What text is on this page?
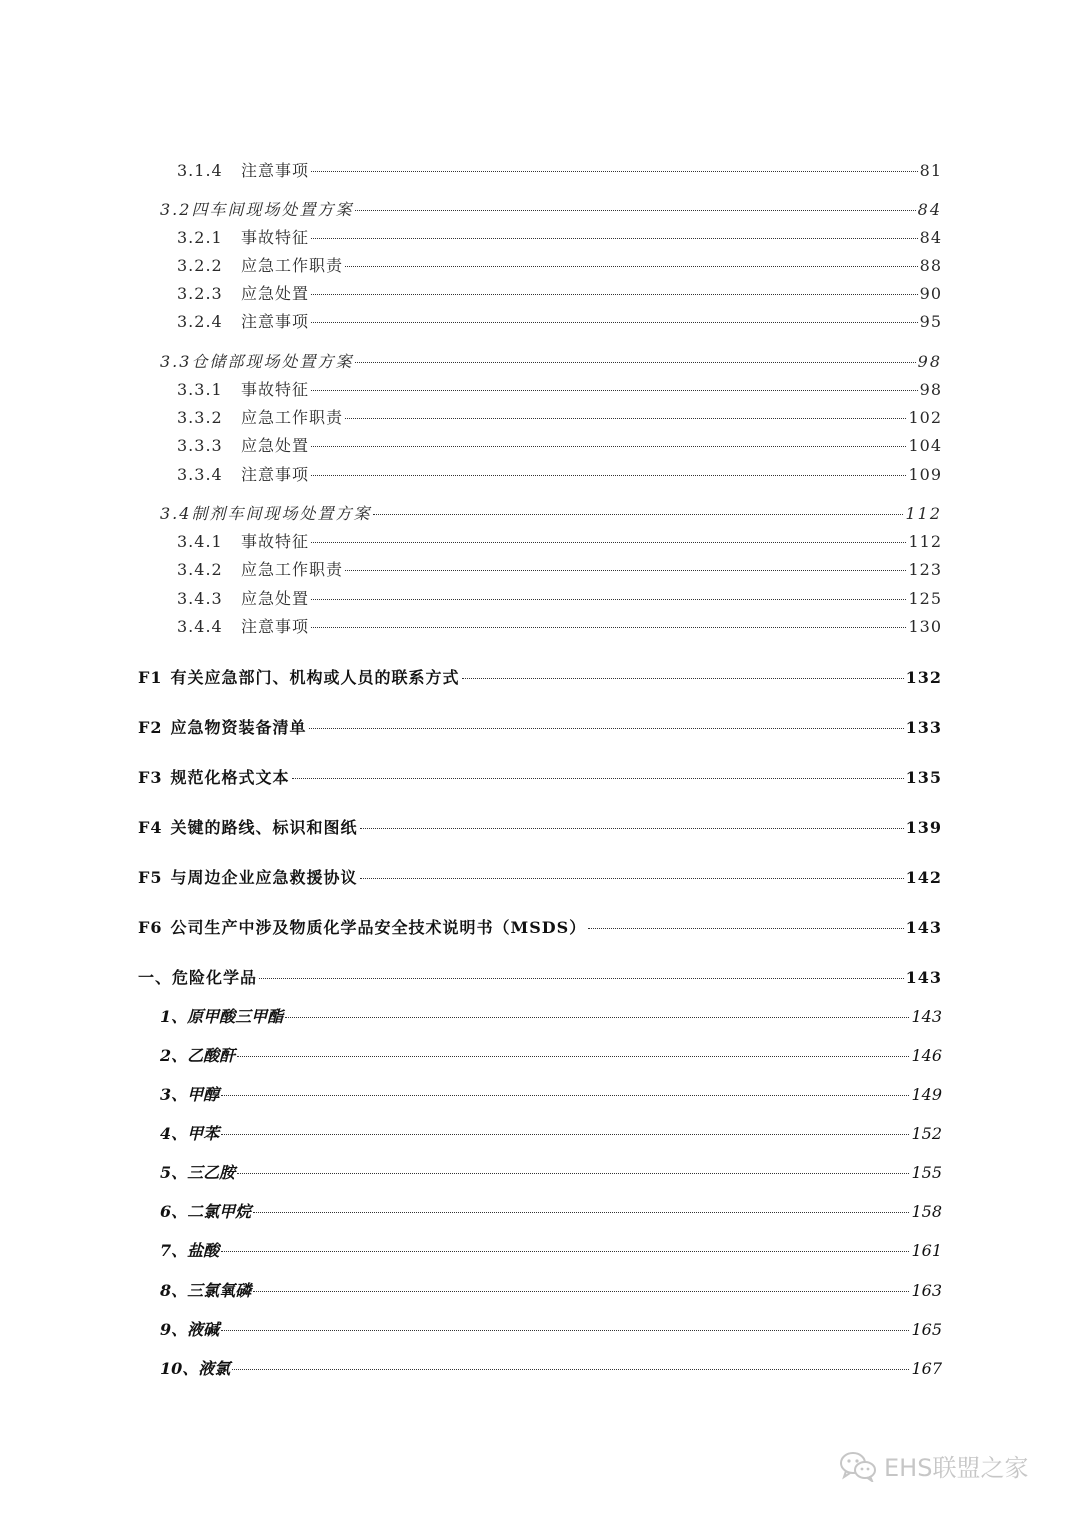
3.1.4 注意事项	81
3.2四车间现场处置方案	84
3.2.1 事故特征	84
3.2.2 应急工作职责	88
3.2.3 应急处置	90
3.2.4 注意事项	95
3.3仓储部现场处置方案	98
3.3.1 事故特征	98
3.3.2 应急工作职责	102
3.3.3 应急处置	104
3.3.4 注意事项	109
3.4制剂车间现场处置方案	112
3.4.1 事故特征	112
3.4.2 应急工作职责	123
3.4.3 应急处置	125
3.4.4 注意事项	130
F1 有关应急部门、机构或人员的联系方式	132
F2 应急物资装备清单	133
F3 规范化格式文本	135
F4 关键的路线、标识和图纸	139
F5 与周边企业应急救援协议	142
F6 公司生产中涉及物质化学品安全技术说明书（MSDS）	143
一、危险化学品	143
1、原甲酸三甲酯	143
2、乙酸酐	146
3、甲醇	149
4、甲苯	152
5、三乙胺	155
6、二氯甲烷	158
7、盐酸	161
8、三氯氧磷	163
9、液碱	165
10、液氯	167
EHS联盟之家
